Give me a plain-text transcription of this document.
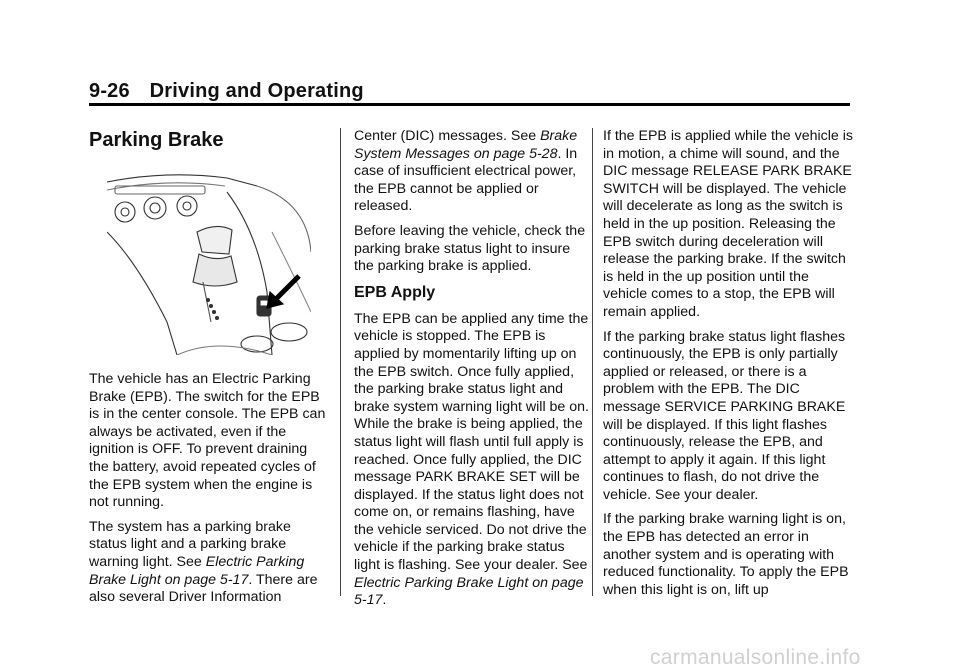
9-26 Driving and Operating
Parking Brake

The vehicle has an Electric Parking Brake (EPB). The switch for the EPB is in the center console. The EPB can always be activated, even if the ignition is OFF. To prevent draining the battery, avoid repeated cycles of the EPB system when the engine is not running.

The system has a parking brake status light and a parking brake warning light. See Electric Parking Brake Light on page 5-17. There are also several Driver Information

Center (DIC) messages. See Brake System Messages on page 5-28. In case of insufficient electrical power, the EPB cannot be applied or released.

Before leaving the vehicle, check the parking brake status light to insure the parking brake is applied.

EPB Apply

The EPB can be applied any time the vehicle is stopped. The EPB is applied by momentarily lifting up on the EPB switch. Once fully applied, the parking brake status light and brake system warning light will be on. While the brake is being applied, the status light will flash until full apply is reached. Once fully applied, the DIC message PARK BRAKE SET will be displayed. If the status light does not come on, or remains flashing, have the vehicle serviced. Do not drive the vehicle if the parking brake status light is flashing. See your dealer. See Electric Parking Brake Light on page 5-17.

If the EPB is applied while the vehicle is in motion, a chime will sound, and the DIC message RELEASE PARK BRAKE SWITCH will be displayed. The vehicle will decelerate as long as the switch is held in the up position. Releasing the EPB switch during deceleration will release the parking brake. If the switch is held in the up position until the vehicle comes to a stop, the EPB will remain applied.

If the parking brake status light flashes continuously, the EPB is only partially applied or released, or there is a problem with the EPB. The DIC message SERVICE PARKING BRAKE will be displayed. If this light flashes continuously, release the EPB, and attempt to apply it again. If this light continues to flash, do not drive the vehicle. See your dealer.

If the parking brake warning light is on, the EPB has detected an error in another system and is operating with reduced functionality. To apply the EPB when this light is on, lift up

carmanualsonline.info
